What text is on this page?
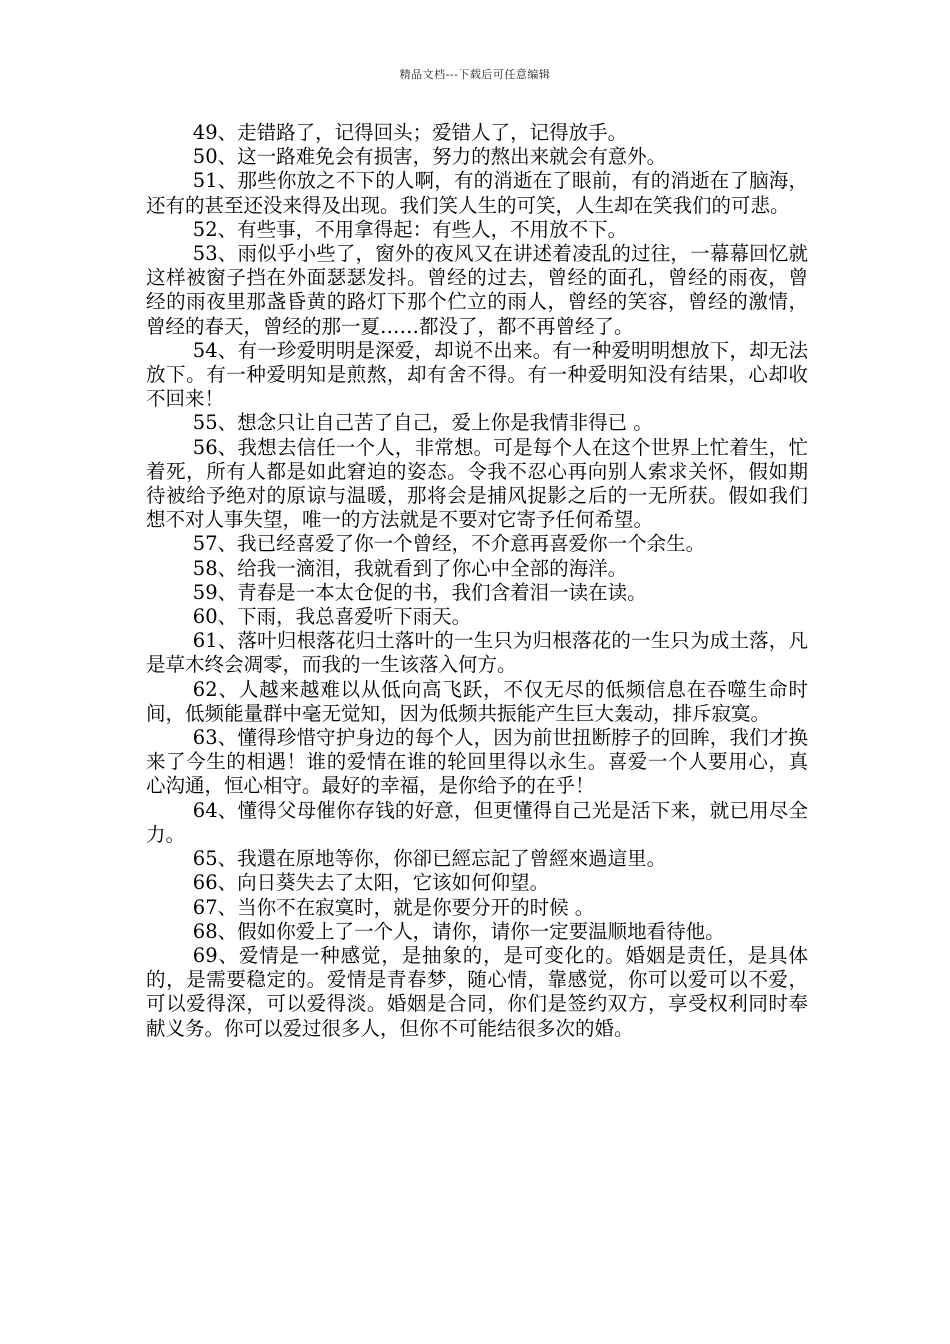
精品文档---下载后可任意编辑

49、走错路了，记得回头；爱错人了，记得放手。

50、这一路难免会有损害，努力的熬出来就会有意外。

51、那些你放之不下的人啊，有的消逝在了眼前，有的消逝在了脑海，还有的甚至还没来得及出现。我们笑人生的可笑，人生却在笑我们的可悲。

52、有些事，不用拿得起：有些人，不用放不下。

53、雨似乎小些了，窗外的夜风又在讲述着凌乱的过往，一幕幕回忆就这样被窗子挡在外面瑟瑟发抖。曾经的过去，曾经的面孔，曾经的雨夜，曾经的雨夜里那盏昏黄的路灯下那个伫立的雨人，曾经的笑容，曾经的激情，曾经的春天，曾经的那一夏……都没了，都不再曾经了。

54、有一珍爱明明是深爱，却说不出来。有一种爱明明想放下，却无法放下。有一种爱明知是煎熬，却有舍不得。有一种爱明知没有结果，心却收不回来！

55、想念只让自己苦了自己，爱上你是我情非得已 。

56、我想去信任一个人，非常想。可是每个人在这个世界上忙着生，忙着死，所有人都是如此窘迫的姿态。令我不忍心再向别人索求关怀，假如期待被给予绝对的原谅与温暖，那将会是捕风捉影之后的一无所获。假如我们想不对人事失望，唯一的方法就是不要对它寄予任何希望。

57、我已经喜爱了你一个曾经，不介意再喜爱你一个余生。

58、给我一滴泪，我就看到了你心中全部的海洋。

59、青春是一本太仓促的书，我们含着泪一读在读。

60、下雨，我总喜爱听下雨天。

61、落叶归根落花归土落叶的一生只为归根落花的一生只为成土落，凡是草木终会凋零，而我的一生该落入何方。

62、人越来越难以从低向高飞跃，不仅无尽的低频信息在吞噬生命时间，低频能量群中毫无觉知，因为低频共振能产生巨大轰动，排斥寂寞。

63、懂得珍惜守护身边的每个人，因为前世扭断脖子的回眸，我们才换来了今生的相遇！谁的爱情在谁的轮回里得以永生。喜爱一个人要用心，真心沟通，恒心相守。最好的幸福，是你给予的在乎！

64、懂得父母催你存钱的好意，但更懂得自己光是活下来，就已用尽全力。

65、我還在原地等你，你卻已經忘記了曾經來過這里。

66、向日葵失去了太阳，它该如何仰望。

67、当你不在寂寞时，就是你要分开的时候 。

68、假如你爱上了一个人，请你，请你一定要温顺地看待他。

69、爱情是一种感觉，是抽象的，是可变化的。婚姻是责任，是具体的，是需要稳定的。爱情是青春梦，随心情，靠感觉，你可以爱可以不爱，可以爱得深，可以爱得淡。婚姻是合同，你们是签约双方，享受权利同时奉献义务。你可以爱过很多人，但你不可能结很多次的婚。
